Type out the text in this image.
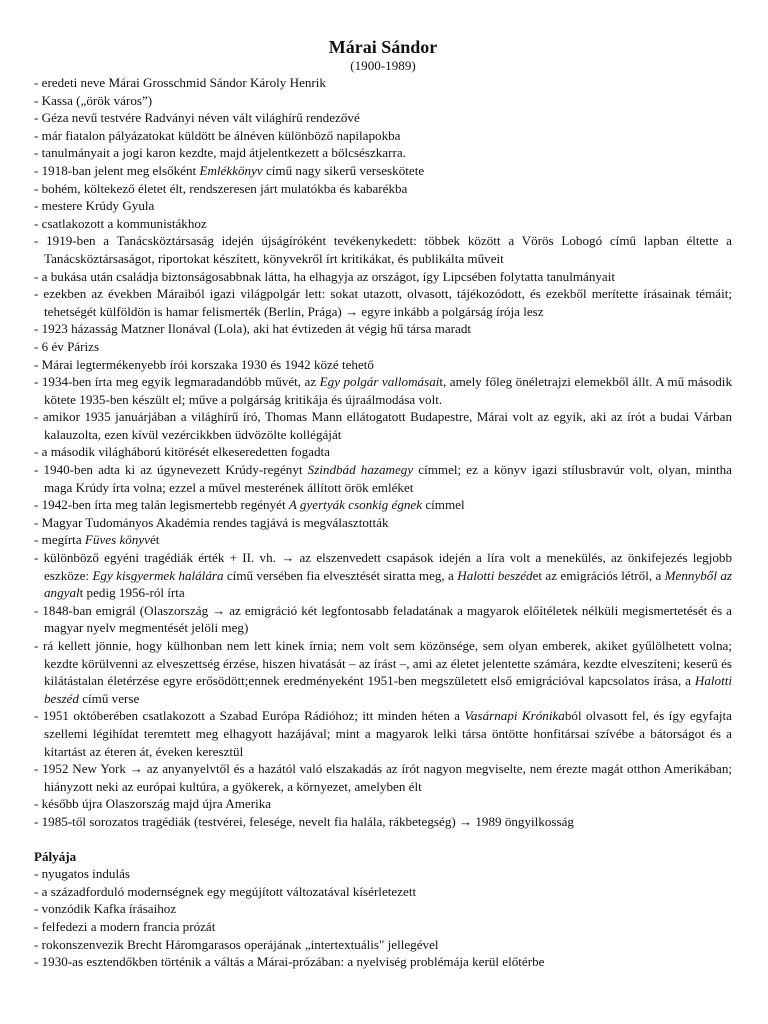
Márai Sándor

(1900-1989)

- eredeti neve Márai Grosschmid Sándor Károly Henrik

- Kassa („örök város”)

- Géza nevű testvére Radványi néven vált világhírű rendezővé

- már fiatalon pályázatokat küldött be álnéven különböző napilapokba

- tanulmányait a jogi karon kezdte, majd átjelentkezett a bölcsészkarra.

- 1918-ban jelent meg elsőként Emlékkönyv című nagy sikerű verseskötete

- bohém, költekező életet élt, rendszeresen járt mulatókba és kabarékba

- mestere Krúdy Gyula

- csatlakozott a kommunistákhoz

- 1919-ben a Tanácsköztársaság idején újságíróként tevékenykedett: többek között a Vörös Lobogó című lapban éltette a Tanácsköztársaságot, riportokat készített, könyvekről írt kritikákat, és publikálta műveit

- a bukása után családja biztonságosabbnak látta, ha elhagyja az országot, így Lipcsében folytatta tanulmányait

- ezekben az években Máraiból igazi világpolgár lett: sokat utazott, olvasott, tájékozódott, és ezekből merítette írásainak témáit; tehetségét külföldön is hamar felismerték (Berlin, Prága) → egyre inkább a polgárság írója lesz

- 1923 házasság Matzner Ilonával (Lola), aki hat évtizeden át végig hű társa maradt

- 6 év Párizs

- Márai legtermékenyebb írói korszaka 1930 és 1942 közé tehető

- 1934-ben írta meg egyik legmaradandóbb művét, az Egy polgár vallomásait, amely főleg önéletrajzi elemekből állt. A mű második kötete 1935-ben készült el; műve a polgárság kritikája és újraálmodása volt.

- amikor 1935 januárjában a világhírű író, Thomas Mann ellátogatott Budapestre, Márai volt az egyik, aki az írót a budai Várban kalauzolta, ezen kívül vezércikkben üdvözölte kollégáját

- a második világháború kitörését elkeseredetten fogadta

- 1940-ben adta ki az úgynevezett Krúdy-regényt Szindbád hazamegy címmel; ez a könyv igazi stílusbravúr volt, olyan, mintha maga Krúdy írta volna; ezzel a művel mesterének állított örök emléket

- 1942-ben írta meg talán legismertebb regényét A gyertyák csonkig égnek címmel

- Magyar Tudományos Akadémia rendes tagjává is megválasztották

- megírta Füves könyvét

- különböző egyéni tragédiák érték + II. vh. → az elszenvedett csapások idején a líra volt a menekülés, az önkifejezés legjobb eszköze: Egy kisgyermek halálára című versében fia elvesztését siratta meg, a Halotti beszédet az emigrációs létről, a Mennyből az angyalt pedig 1956-ról írta

- 1848-ban emigrál (Olaszország → az emigráció két legfontosabb feladatának a magyarok előítéletek nélküli megismertetését és a magyar nyelv megmentését jelöli meg)

- rá kellett jönnie, hogy külhonban nem lett kinek írnia; nem volt sem közönsége, sem olyan emberek, akiket gyűlölhetett volna; kezdte körülvenni az elveszettség érzése, hiszen hivatását – az írást –, ami az életet jelentette számára, kezdte elveszíteni; keserű és kilátástalan életérzése egyre erősödött;ennek eredményeként 1951-ben megszületett első emigrációval kapcsolatos írása, a Halotti beszéd című verse

- 1951 októberében csatlakozott a Szabad Európa Rádióhoz; itt minden héten a Vasárnapi Krónikaból olvasott fel, és így egyfajta szellemi légihídat teremtett meg elhagyott hazájával; mint a magyarok lelki társa öntötte honfitársai szívébe a bátorságot és a kitartást az éteren át, éveken keresztül

- 1952 New York → az anyanyelvtől és a hazától való elszakadás az írót nagyon megviselte, nem érezte magát otthon Amerikában; hiányzott neki az európai kultúra, a gyökerek, a környezet, amelyben élt

- később újra Olaszország majd újra Amerika

- 1985-től sorozatos tragédiák (testvérei, felesége, nevelt fia halála, rákbetegség) → 1989 öngyilkosság

Pályája

- nyugatos indulás

- a századforduló modernségnek egy megújított változatával kísérletezett

- vonzódik Kafka írásaihoz

- felfedezi a modern francia prózát

- rokonszenvezik Brecht Háromgarasos operájának „intertextuális" jellegével

- 1930-as esztendőkben történik a váltás a Márai-prózában: a nyelviség problémája kerül előtérbe
